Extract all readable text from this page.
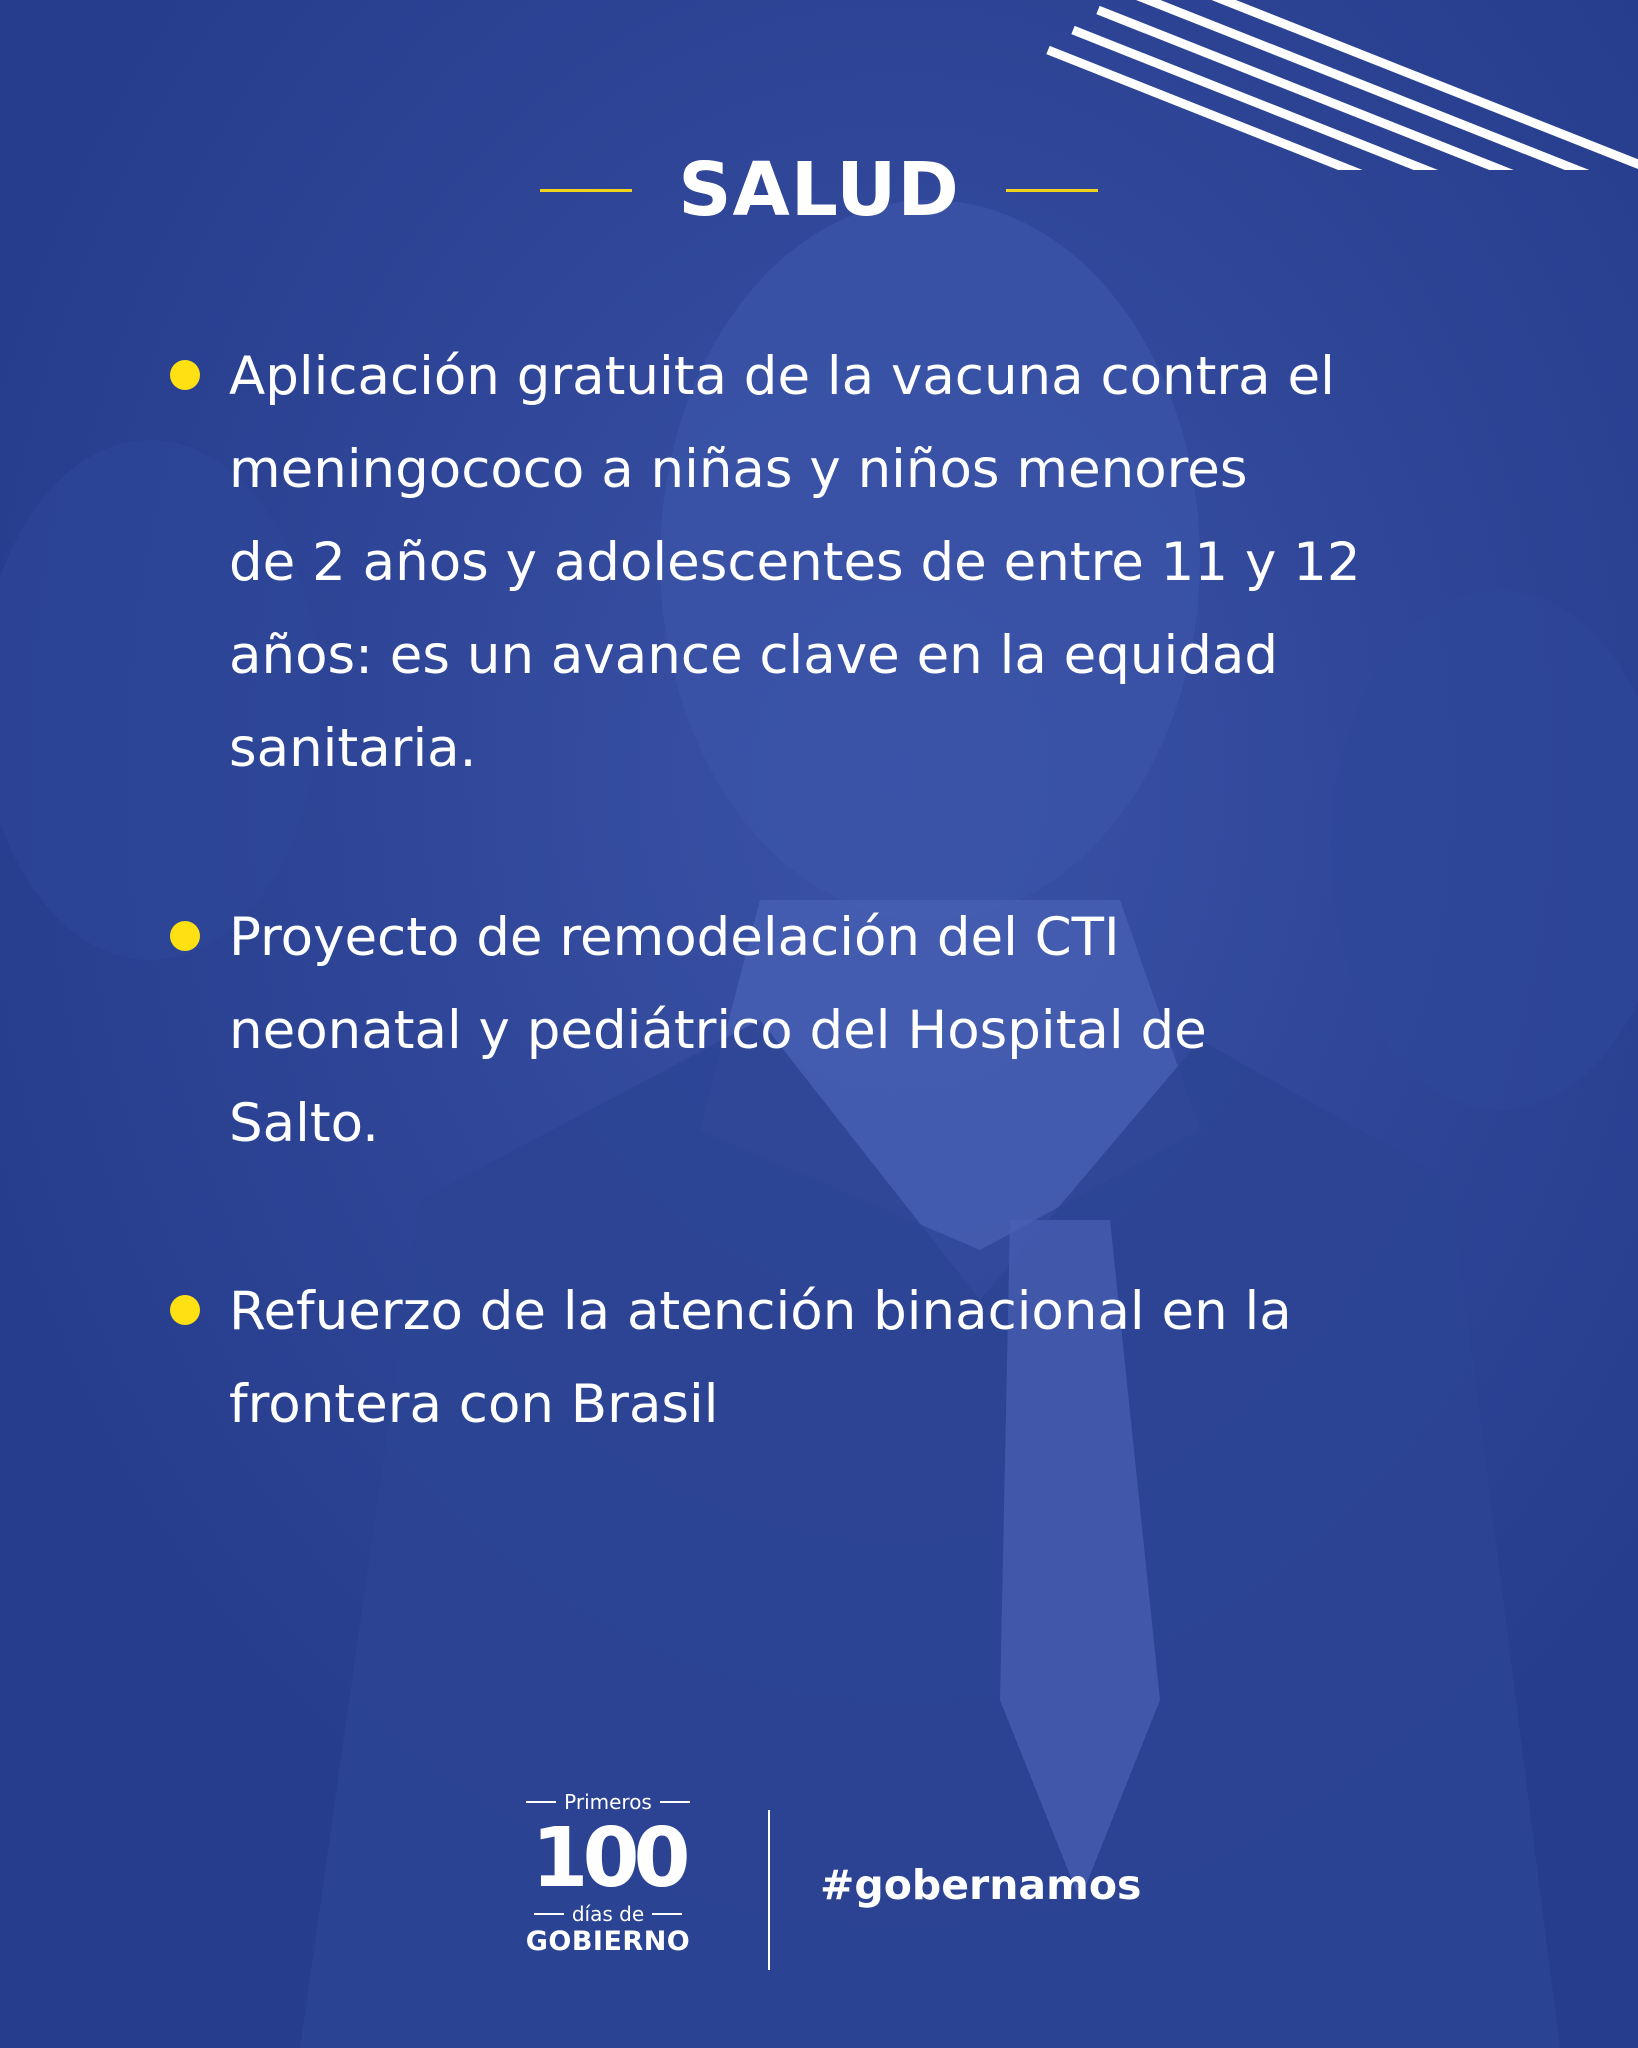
SALUD
Aplicación gratuita de la vacuna contra el
meningococo a niñas y niños menores
de 2 años y adolescentes de entre 11 y 12
años: es un avance clave en la equidad
sanitaria.
Proyecto de remodelación del CTI
neonatal y pediátrico del Hospital de
Salto.
Refuerzo de la atención binacional en la
frontera con Brasil
Primeros
100
días de
GOBIERNO
#gobernamos
